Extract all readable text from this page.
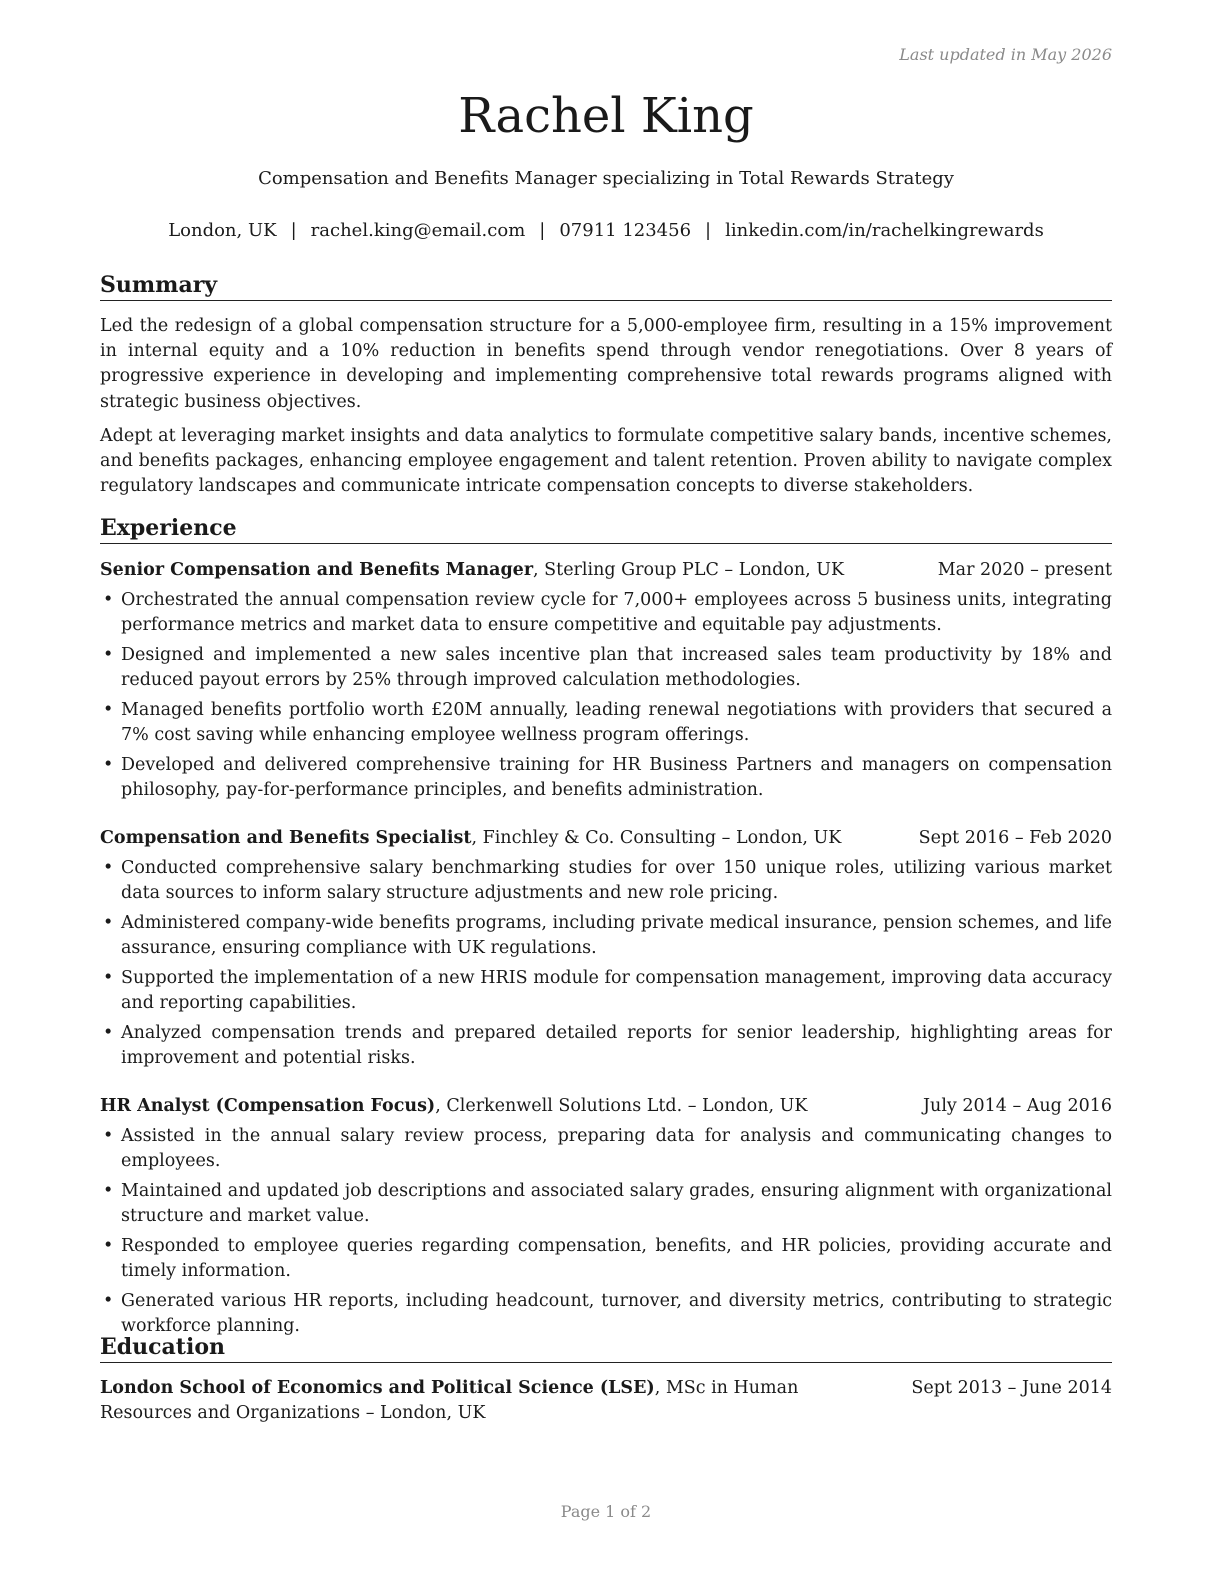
Last updated in May 2026
Rachel King
Compensation and Benefits Manager specializing in Total Rewards Strategy
London, UK | rachel.king@email.com | 07911 123456 | linkedin.com/in/rachelkingrewards
Summary
Led the redesign of a global compensation structure for a 5,000-employee firm, resulting in a 15% improvement in internal equity and a 10% reduction in benefits spend through vendor renegotiations. Over 8 years of progressive experience in developing and implementing comprehensive total rewards programs aligned with strategic business objectives.
Adept at leveraging market insights and data analytics to formulate competitive salary bands, incentive schemes, and benefits packages, enhancing employee engagement and talent retention. Proven ability to navigate complex regulatory landscapes and communicate intricate compensation concepts to diverse stakeholders.
Experience
Senior Compensation and Benefits Manager, Sterling Group PLC – London, UK	Mar 2020 – present
• Orchestrated the annual compensation review cycle for 7,000+ employees across 5 business units, integrating performance metrics and market data to ensure competitive and equitable pay adjustments.
• Designed and implemented a new sales incentive plan that increased sales team productivity by 18% and reduced payout errors by 25% through improved calculation methodologies.
• Managed benefits portfolio worth £20M annually, leading renewal negotiations with providers that secured a 7% cost saving while enhancing employee wellness program offerings.
• Developed and delivered comprehensive training for HR Business Partners and managers on compensation philosophy, pay-for-performance principles, and benefits administration.
Compensation and Benefits Specialist, Finchley & Co. Consulting – London, UK	Sept 2016 – Feb 2020
• Conducted comprehensive salary benchmarking studies for over 150 unique roles, utilizing various market data sources to inform salary structure adjustments and new role pricing.
• Administered company-wide benefits programs, including private medical insurance, pension schemes, and life assurance, ensuring compliance with UK regulations.
• Supported the implementation of a new HRIS module for compensation management, improving data accuracy and reporting capabilities.
• Analyzed compensation trends and prepared detailed reports for senior leadership, highlighting areas for improvement and potential risks.
HR Analyst (Compensation Focus), Clerkenwell Solutions Ltd. – London, UK	July 2014 – Aug 2016
• Assisted in the annual salary review process, preparing data for analysis and communicating changes to employees.
• Maintained and updated job descriptions and associated salary grades, ensuring alignment with organizational structure and market value.
• Responded to employee queries regarding compensation, benefits, and HR policies, providing accurate and timely information.
• Generated various HR reports, including headcount, turnover, and diversity metrics, contributing to strategic workforce planning.
Education
London School of Economics and Political Science (LSE), MSc in Human Resources and Organizations – London, UK
Sept 2013 – June 2014
Page 1 of 2
